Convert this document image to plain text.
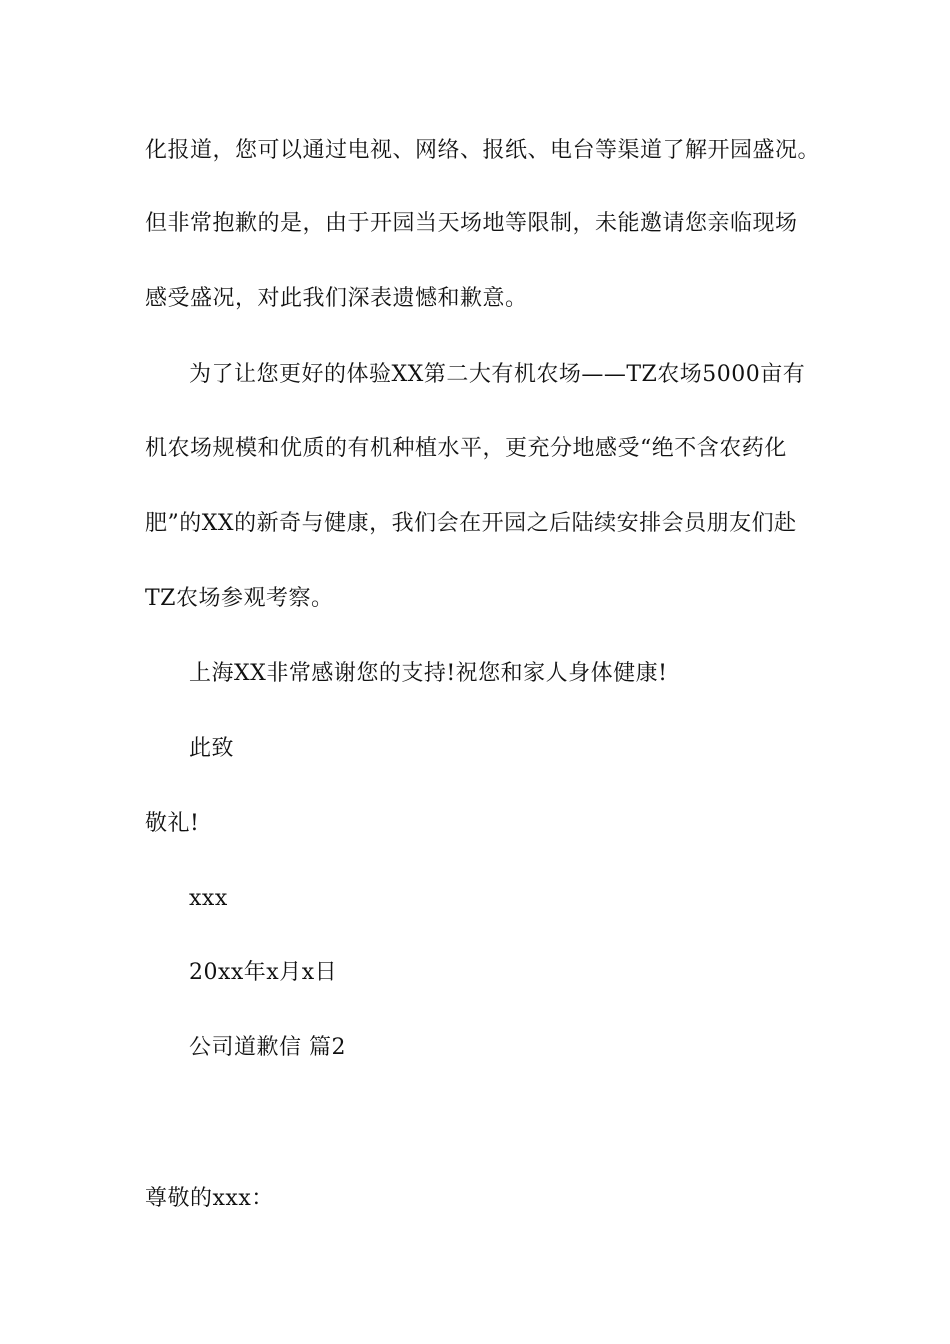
化报道，您可以通过电视、网络、报纸、电台等渠道了解开园盛况。
但非常抱歉的是，由于开园当天场地等限制，未能邀请您亲临现场
感受盛况，对此我们深表遗憾和歉意。
为了让您更好的体验XX第二大有机农场——TZ农场5000亩有
机农场规模和优质的有机种植水平，更充分地感受“绝不含农药化
肥”的XX的新奇与健康，我们会在开园之后陆续安排会员朋友们赴
TZ农场参观考察。
上海XX非常感谢您的支持!祝您和家人身体健康!
此致
敬礼!
xxx
20xx年x月x日
公司道歉信 篇2
尊敬的xxx：
